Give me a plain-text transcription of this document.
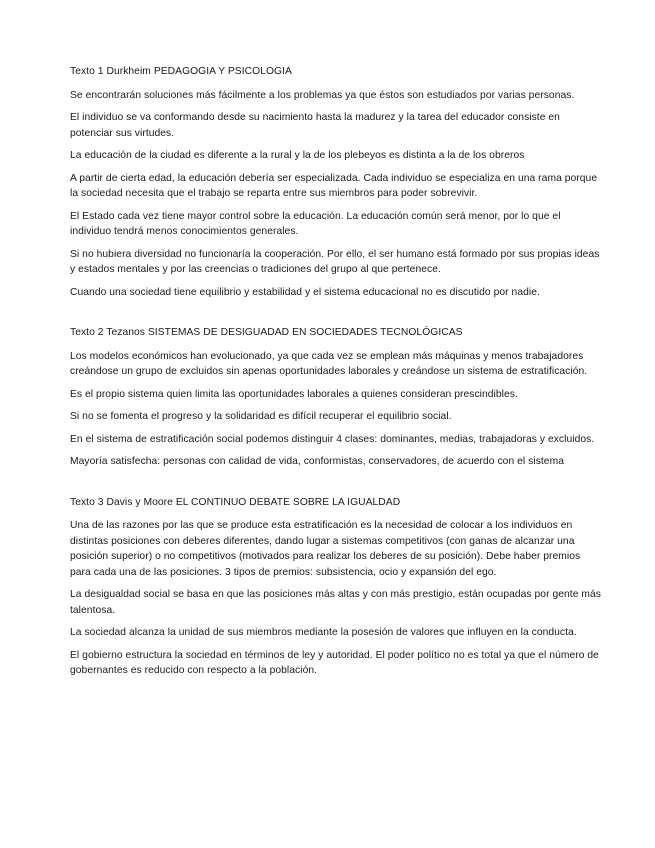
Texto 1 Durkheim PEDAGOGIA Y PSICOLOGIA

Se encontrarán soluciones más fácilmente a los problemas ya que éstos son estudiados por varias personas.

El individuo se va conformando desde su nacimiento hasta la madurez y la tarea del educador consiste en potenciar sus virtudes.

La educación de la ciudad es diferente a la rural y la de los plebeyos es distinta a la de los obreros

A partir de cierta edad, la educación debería ser especializada. Cada individuo se especializa en una rama porque la sociedad necesita que el trabajo se reparta entre sus miembros para poder sobrevivir.

El Estado cada vez tiene mayor control sobre la educación. La educación común será menor, por lo que el individuo tendrá menos conocimientos generales.

Si no hubiera diversidad no funcionaría la cooperación. Por ello, el ser humano está formado por sus propias ideas y estados mentales y por las creencias o tradiciones del grupo al que pertenece.

Cuando una sociedad tiene equilibrio y estabilidad y el sistema educacional no es discutido por nadie.

Texto 2 Tezanos SISTEMAS DE DESIGUADAD EN SOCIEDADES TECNOLÓGICAS

Los modelos económicos han evolucionado, ya que cada vez se emplean más máquinas y menos trabajadores creándose un grupo de excluidos sin apenas oportunidades laborales y creándose un sistema de estratificación.

Es el propio sistema quien limita las oportunidades laborales a quienes consideran prescindibles.

Si no se fomenta el progreso y la solidaridad es difícil recuperar el equilibrio social.

En el sistema de estratificación social podemos distinguir 4 clases: dominantes, medias, trabajadoras y excluidos.

Mayoría satisfecha: personas con calidad de vida, conformistas, conservadores, de acuerdo con el sistema

Texto 3 Davis y Moore EL CONTINUO DEBATE SOBRE LA IGUALDAD

Una de las razones por las que se produce esta estratificación es la necesidad de colocar a los individuos en distintas posiciones con deberes diferentes, dando lugar a sistemas competitivos (con ganas de alcanzar una posición superior) o no competitivos (motivados para realizar los deberes de su posición). Debe haber premios para cada una de las posiciones. 3 tipos de premios: subsistencia, ocio y expansión del ego.

La desigualdad social se basa en que las posiciones más altas y con más prestigio, están ocupadas por gente más talentosa.

La sociedad alcanza la unidad de sus miembros mediante la posesión de valores que influyen en la conducta.

El gobierno estructura la sociedad en términos de ley y autoridad. El poder político no es total ya que el número de gobernantes es reducido con respecto a la población.
